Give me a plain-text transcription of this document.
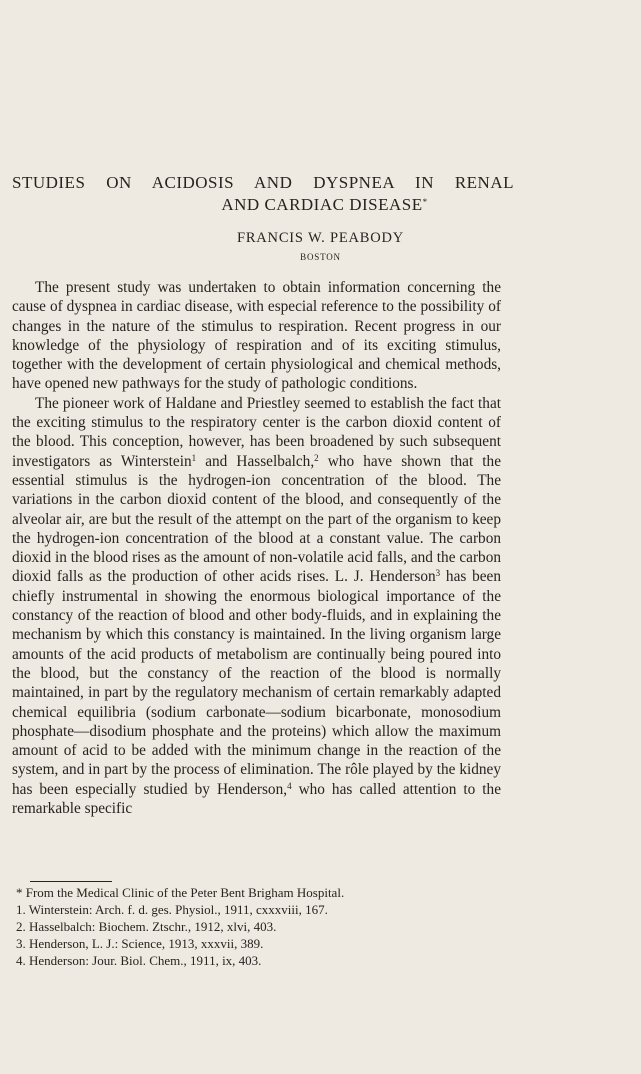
STUDIES ON ACIDOSIS AND DYSPNEA IN RENAL
AND CARDIAC DISEASE*
FRANCIS W. PEABODY
BOSTON

The present study was undertaken to obtain information concerning the cause of dyspnea in cardiac disease, with especial reference to the possibility of changes in the nature of the stimulus to respiration. Recent progress in our knowledge of the physiology of respiration and of its exciting stimulus, together with the development of certain physiological and chemical methods, have opened new pathways for the study of pathologic conditions.

The pioneer work of Haldane and Priestley seemed to establish the fact that the exciting stimulus to the respiratory center is the carbon dioxid content of the blood. This conception, however, has been broadened by such subsequent investigators as Winterstein$^1$ and Hasselbalch,$^2$ who have shown that the essential stimulus is the hydrogen-ion concentration of the blood. The variations in the carbon dioxid content of the blood, and consequently of the alveolar air, are but the result of the attempt on the part of the organism to keep the hydrogen-ion concentration of the blood at a constant value. The carbon dioxid in the blood rises as the amount of non-volatile acid falls, and the carbon dioxid falls as the production of other acids rises. L. J. Henderson$^3$ has been chiefly instrumental in showing the enormous biological importance of the constancy of the reaction of blood and other body-fluids, and in explaining the mechanism by which this constancy is maintained. In the living organism large amounts of the acid products of metabolism are continually being poured into the blood, but the constancy of the reaction of the blood is normally maintained, in part by the regulatory mechanism of certain remarkably adapted chemical equilibria (sodium carbonate—sodium bicarbonate, monosodium phosphate—disodium phosphate and the proteins) which allow the maximum amount of acid to be added with the minimum change in the reaction of the system, and in part by the process of elimination. The rôle played by the kidney has been especially studied by Henderson,$^4$ who has called attention to the remarkable specific

* From the Medical Clinic of the Peter Bent Brigham Hospital.
1. Winterstein: Arch. f. d. ges. Physiol., 1911, cxxxviii, 167.
2. Hasselbalch: Biochem. Ztschr., 1912, xlvi, 403.
3. Henderson, L. J.: Science, 1913, xxxvii, 389.
4. Henderson: Jour. Biol. Chem., 1911, ix, 403.
